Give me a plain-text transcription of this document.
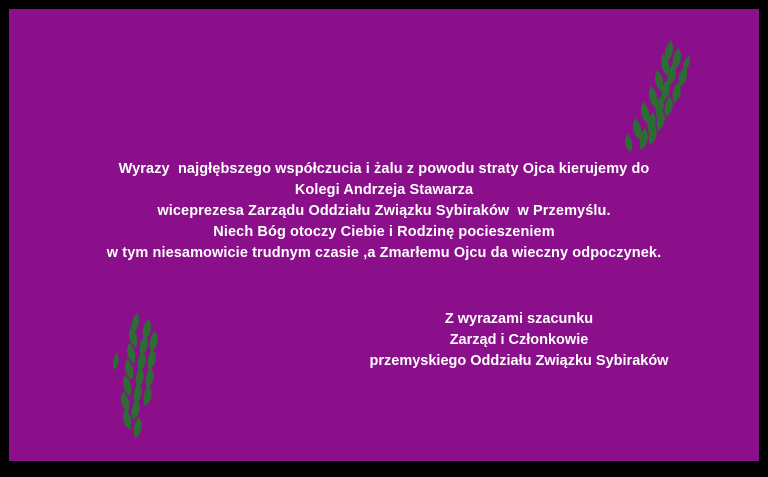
Wyrazy  najgłębszego współczucia i żalu z powodu straty Ojca kierujemy do
Kolegi Andrzeja Stawarza
wiceprezesa Zarządu Oddziału Związku Sybiraków  w Przemyślu.
Niech Bóg otoczy Ciebie i Rodzinę pocieszeniem
w tym niesamowicie trudnym czasie ,a Zmarłemu Ojcu da wieczny odpoczynek.
Z wyrazami szacunku
Zarząd i Członkowie
przemyskiego Oddziału Związku Sybiraków
